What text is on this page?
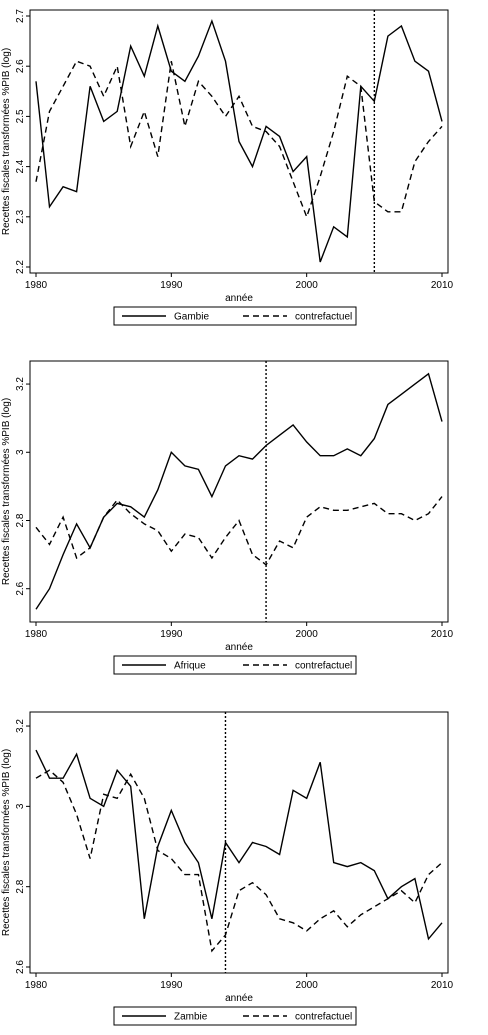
2.2
2.3
2.4
2.5
2.6
2.7
1980	1990	2000	2010
Recettes fiscales transformées %PIB (log)
année
Gambie	contrefactuel
2.6
2.8
3
3.2
1980	1990	2000	2010
Recettes fiscales transformées %PIB (log)
année
Afrique	contrefactuel
2.6
2.8
3
3.2
1980	1990	2000	2010
Recettes fiscales transformées %PIB (log)
année
Zambie	contrefactuel
